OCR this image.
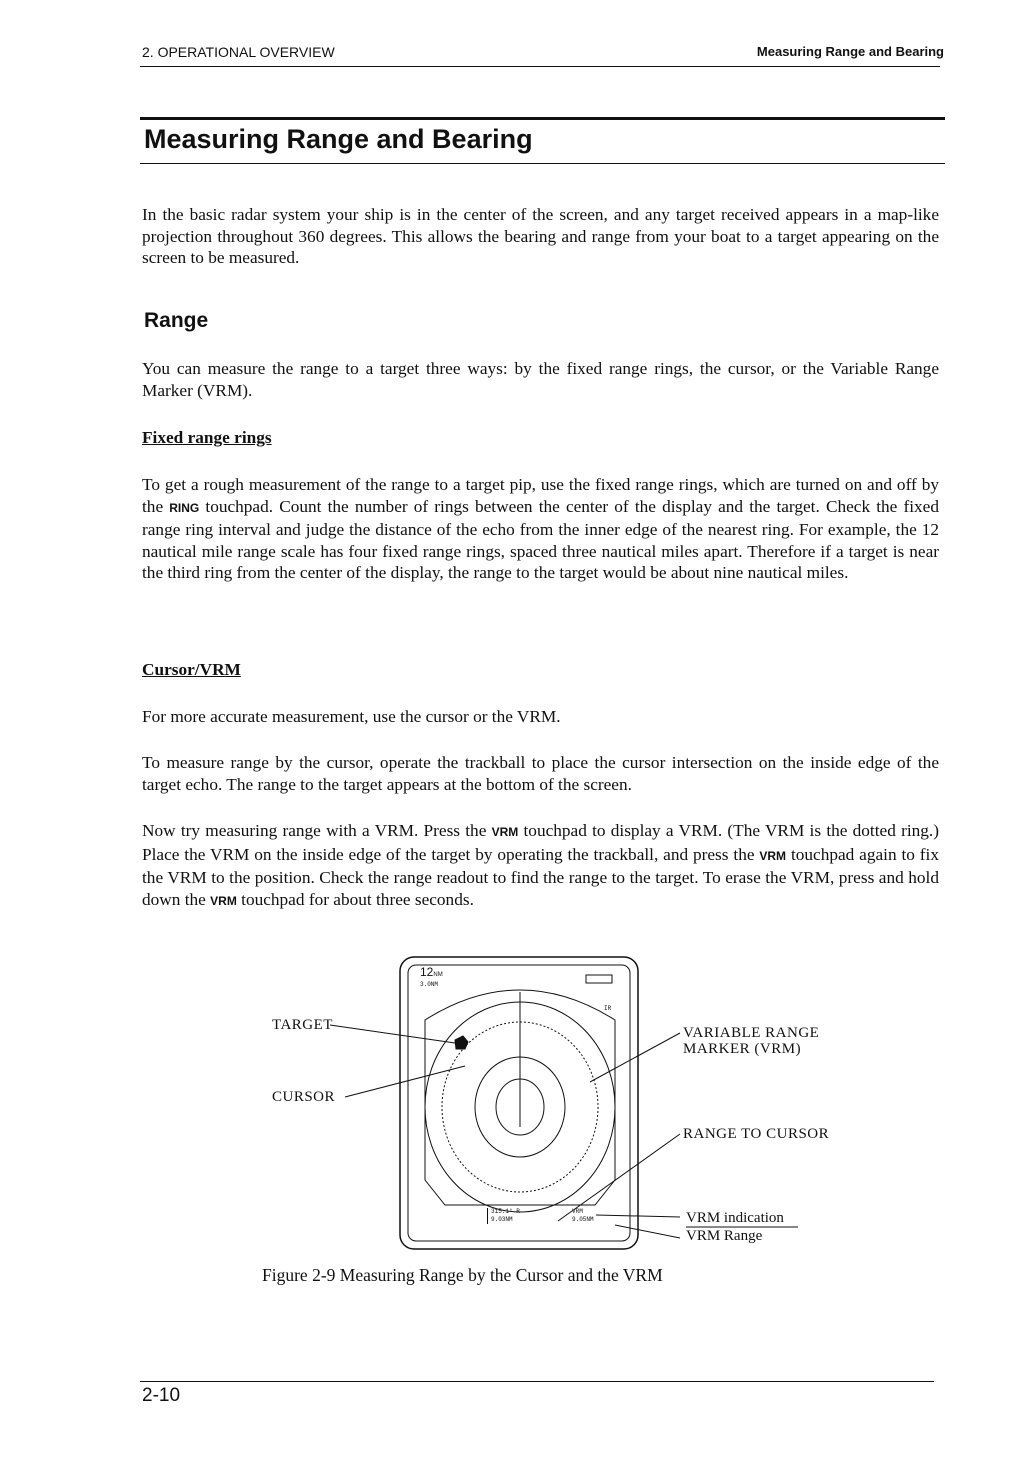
2. OPERATIONAL OVERVIEW	Measuring Range and Bearing
Measuring Range and Bearing
In the basic radar system your ship is in the center of the screen, and any target received appears in a map-like projection throughout 360 degrees. This allows the bearing and range from your boat to a target appearing on the screen to be measured.
Range
You can measure the range to a target three ways: by the fixed range rings, the cursor, or the Variable Range Marker (VRM).
Fixed range rings
To get a rough measurement of the range to a target pip, use the fixed range rings, which are turned on and off by the RING touchpad. Count the number of rings between the center of the display and the target. Check the fixed range ring interval and judge the distance of the echo from the inner edge of the nearest ring. For example, the 12 nautical mile range scale has four fixed range rings, spaced three nautical miles apart. Therefore if a target is near the third ring from the center of the display, the range to the target would be about nine nautical miles.
Cursor/VRM
For more accurate measurement, use the cursor or the VRM.
To measure range by the cursor, operate the trackball to place the cursor intersection on the inside edge of the target echo. The range to the target appears at the bottom of the screen.
Now try measuring range with a VRM. Press the VRM touchpad to display a VRM. (The VRM is the dotted ring.) Place the VRM on the inside edge of the target by operating the trackball, and press the VRM touchpad again to fix the VRM to the position. Check the range readout to find the range to the target. To erase the VRM, press and hold down the VRM touchpad for about three seconds.
12NM
3.0NM
IR
315.1° R
9.03NM
VRM
9.05NM
TARGET
CURSOR
VARIABLE RANGE
MARKER (VRM)
RANGE TO CURSOR
VRM indication
VRM Range
Figure 2-9 Measuring Range by the Cursor and the VRM
2-10
